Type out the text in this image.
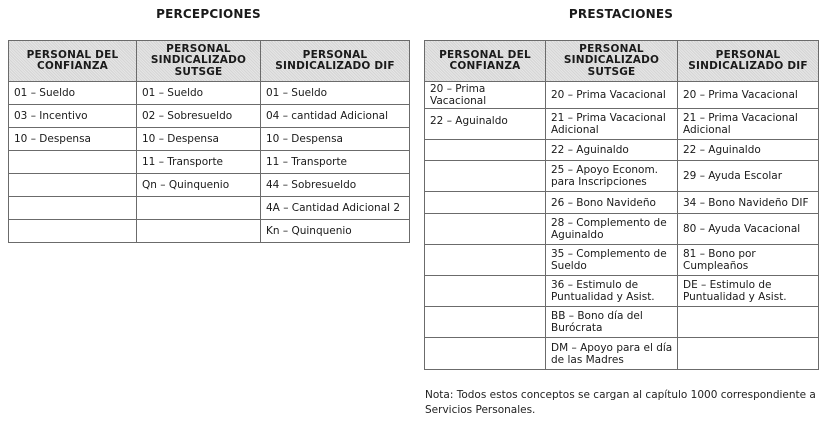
PERCEPCIONES	PRESTACIONES
PERSONAL DEL CONFIANZA	PERSONAL SINDICALIZADO SUTSGE	PERSONAL SINDICALIZADO DIF
01 – Sueldo	01 – Sueldo	01 – Sueldo
03 – Incentivo	02 – Sobresueldo	04 – cantidad Adicional
10 – Despensa	10 – Despensa	10 – Despensa
	11 – Transporte	11 – Transporte
	Qn – Quinquenio	44 – Sobresueldo
		4A – Cantidad Adicional 2
		Kn – Quinquenio
PERSONAL DEL CONFIANZA	PERSONAL SINDICALIZADO SUTSGE	PERSONAL SINDICALIZADO DIF
20 – Prima Vacacional	20 – Prima Vacacional	20 – Prima Vacacional
22 – Aguinaldo	21 – Prima Vacacional Adicional	21 – Prima Vacacional Adicional
	22 – Aguinaldo	22 – Aguinaldo
	25 – Apoyo Econom. para Inscripciones	29 – Ayuda Escolar
	26 – Bono Navideño	34 – Bono Navideño DIF
	28 – Complemento de Aguinaldo	80 – Ayuda Vacacional
	35 – Complemento de Sueldo	81 – Bono por Cumpleaños
	36 – Estimulo de Puntualidad y Asist.	DE – Estimulo de Puntualidad y Asist.
	BB – Bono día del Burócrata	
	DM – Apoyo para el día de las Madres	
Nota: Todos estos conceptos se cargan al capítulo 1000 correspondiente a Servicios Personales.
